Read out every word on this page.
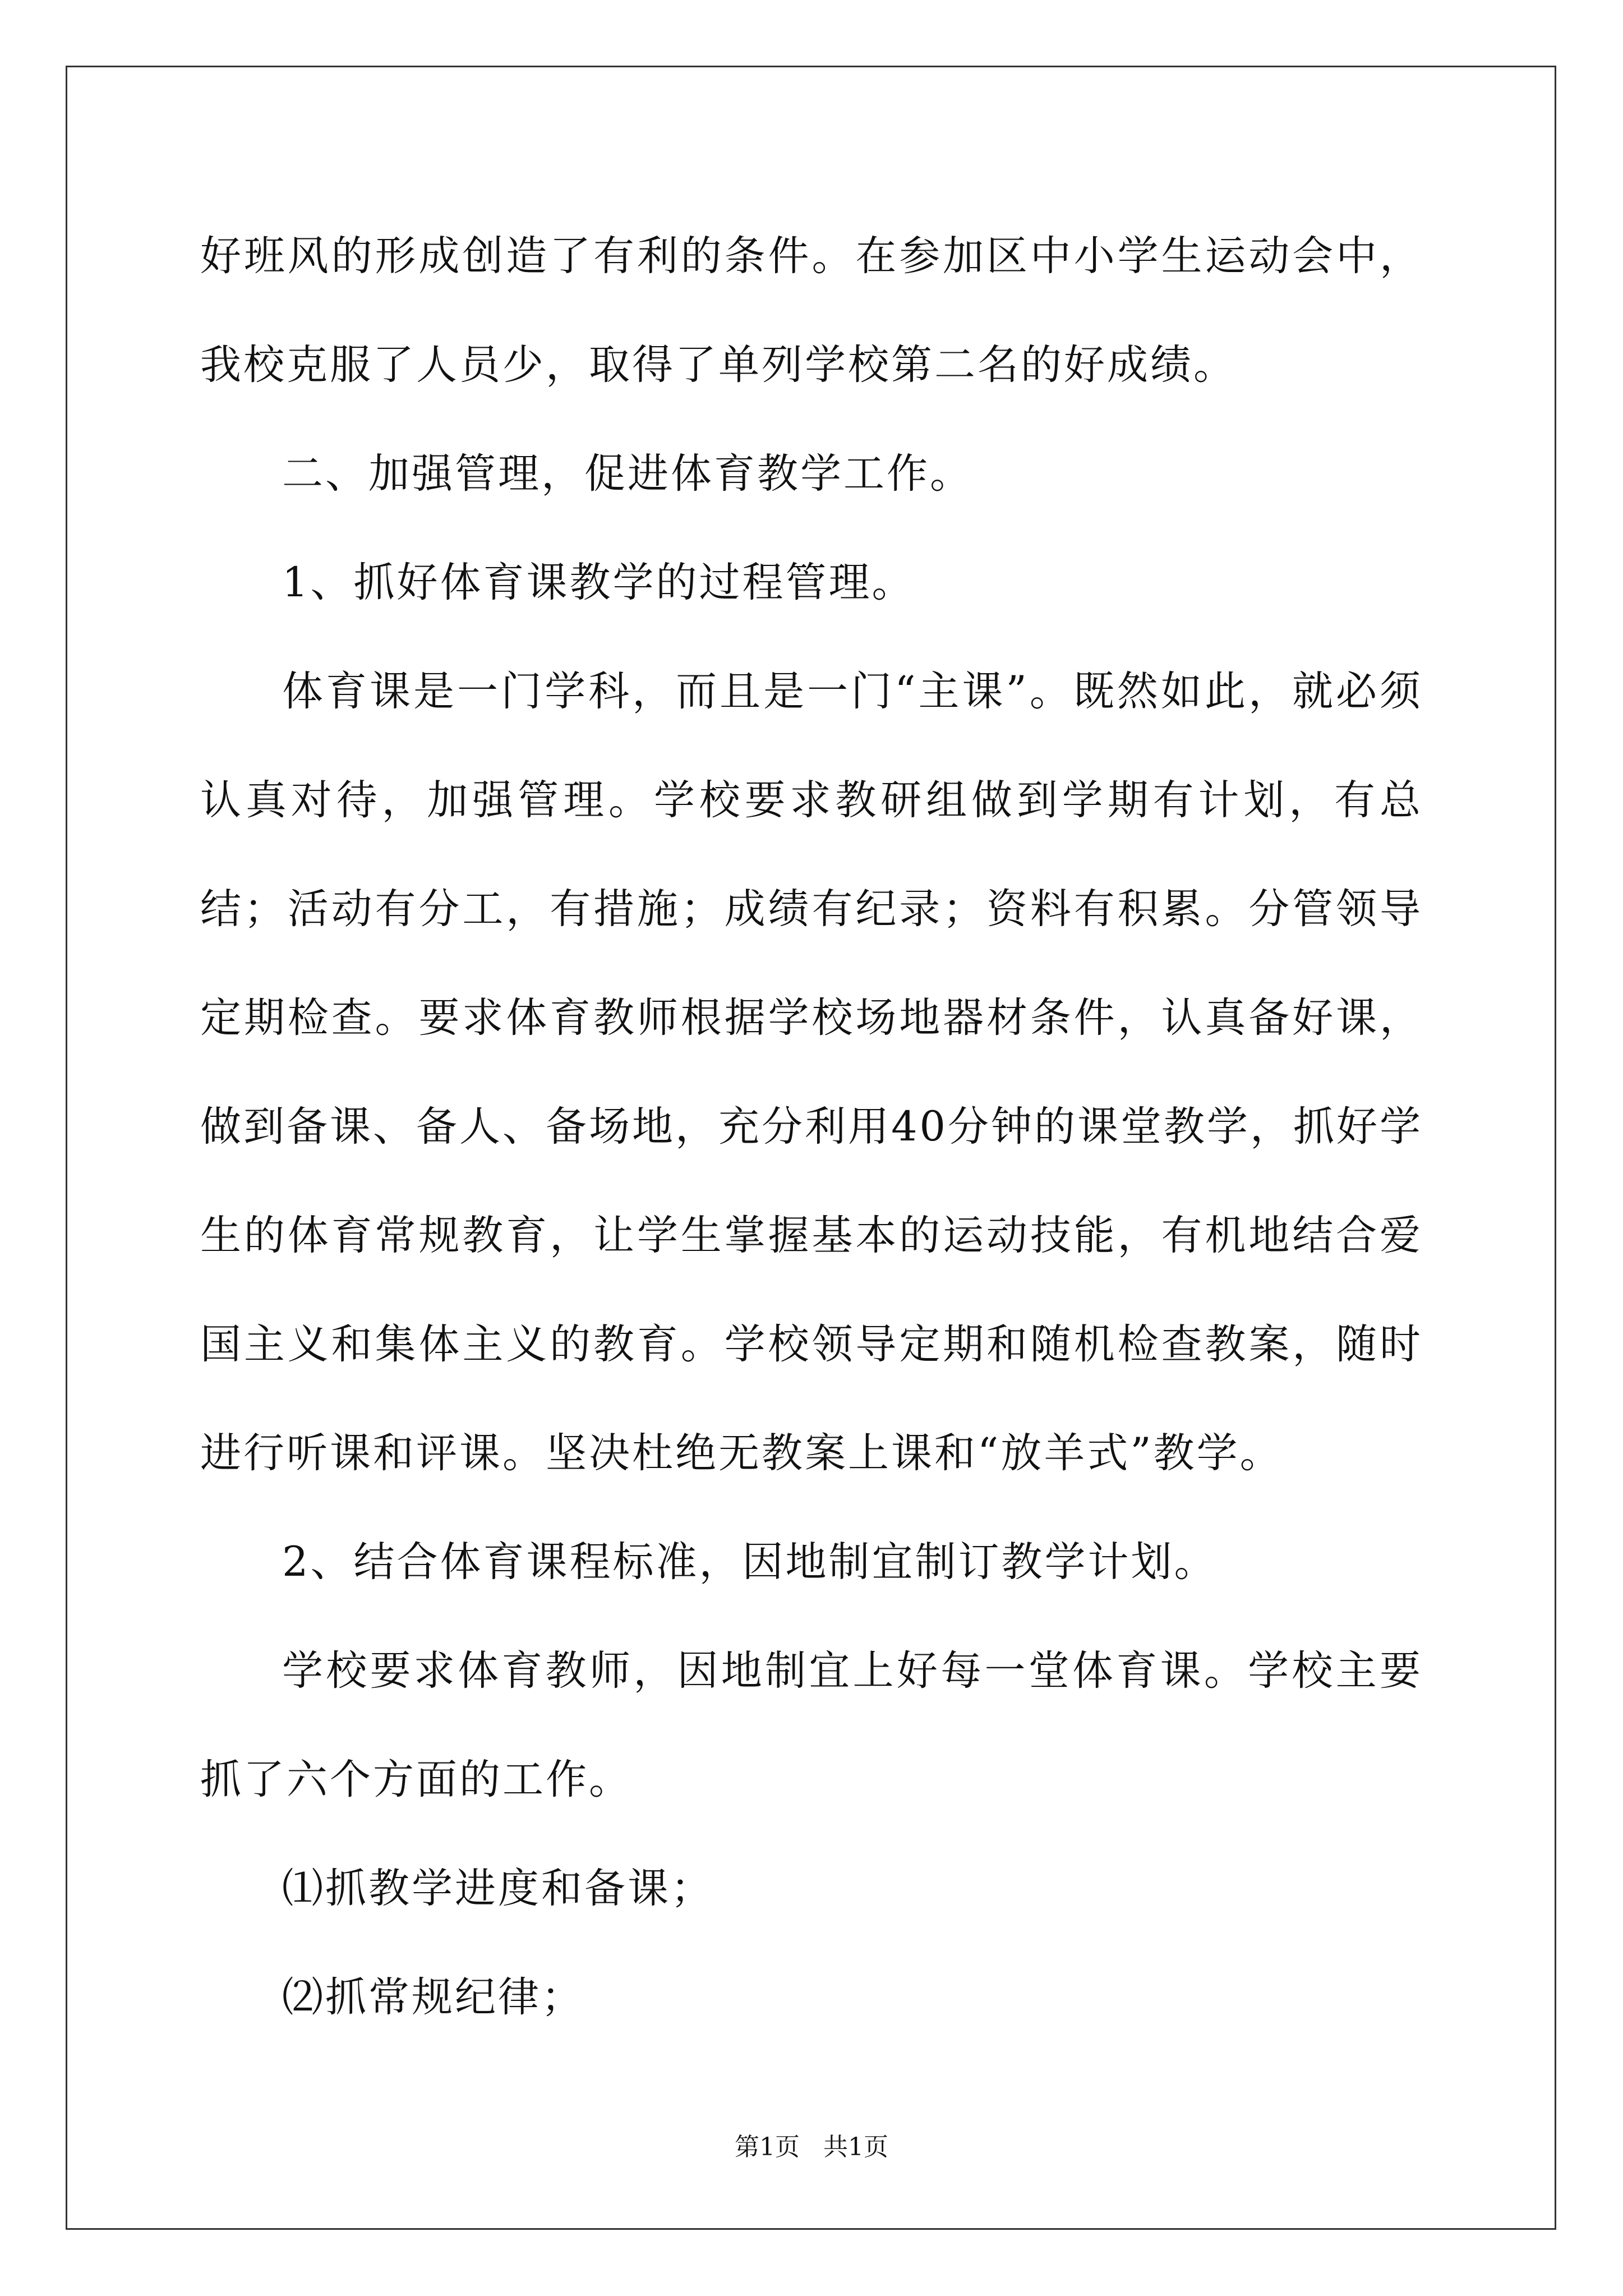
好班风的形成创造了有利的条件。在参加区中小学生运动会中，我校克服了人员少，取得了单列学校第二名的好成绩。

二、加强管理，促进体育教学工作。

1、抓好体育课教学的过程管理。

体育课是一门学科，而且是一门“主课”。既然如此，就必须认真对待，加强管理。学校要求教研组做到学期有计划，有总结；活动有分工，有措施；成绩有纪录；资料有积累。分管领导定期检查。要求体育教师根据学校场地器材条件，认真备好课，做到备课、备人、备场地，充分利用40分钟的课堂教学，抓好学生的体育常规教育，让学生掌握基本的运动技能，有机地结合爱国主义和集体主义的教育。学校领导定期和随机检查教案，随时进行听课和评课。坚决杜绝无教案上课和“放羊式”教学。

2、结合体育课程标准，因地制宜制订教学计划。

学校要求体育教师，因地制宜上好每一堂体育课。学校主要抓了六个方面的工作。

⑴抓教学进度和备课；

⑵抓常规纪律；

第1页   共1页
